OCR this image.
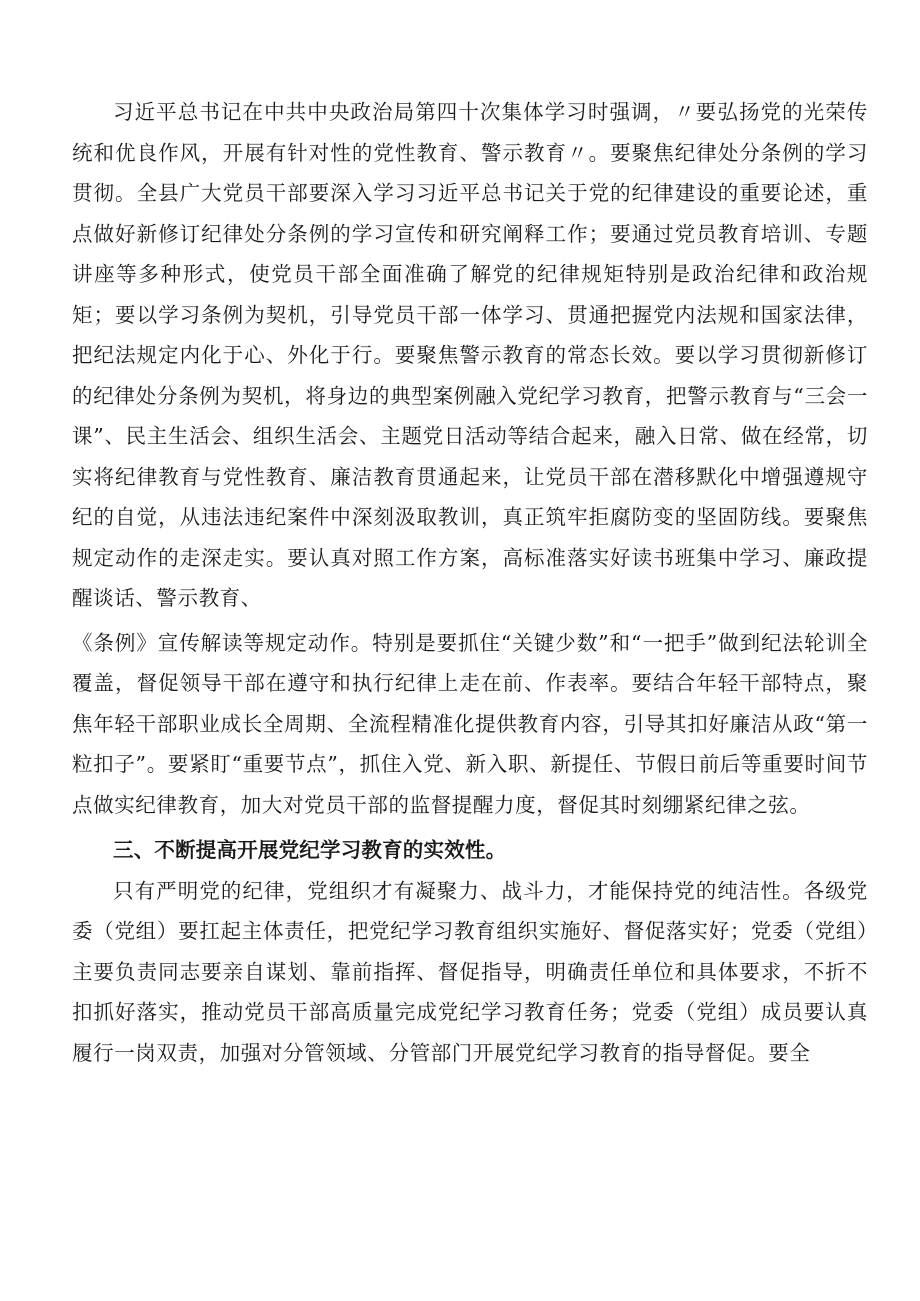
习近平总书记在中共中央政治局第四十次集体学习时强调，〃要弘扬党的光荣传统和优良作风，开展有针对性的党性教育、警示教育〃。要聚焦纪律处分条例的学习贯彻。全县广大党员干部要深入学习习近平总书记关于党的纪律建设的重要论述，重点做好新修订纪律处分条例的学习宣传和研究阐释工作；要通过党员教育培训、专题讲座等多种形式，使党员干部全面准确了解党的纪律规矩特别是政治纪律和政治规矩；要以学习条例为契机，引导党员干部一体学习、贯通把握党内法规和国家法律，把纪法规定内化于心、外化于行。要聚焦警示教育的常态长效。要以学习贯彻新修订的纪律处分条例为契机，将身边的典型案例融入党纪学习教育，把警示教育与“三会一课”、民主生活会、组织生活会、主题党日活动等结合起来，融入日常、做在经常，切实将纪律教育与党性教育、廉洁教育贯通起来，让党员干部在潜移默化中增强遵规守纪的自觉，从违法违纪案件中深刻汲取教训，真正筑牢拒腐防变的坚固防线。要聚焦规定动作的走深走实。要认真对照工作方案，高标准落实好读书班集中学习、廉政提醒谈话、警示教育、

《条例》宣传解读等规定动作。特别是要抓住“关键少数”和“一把手”做到纪法轮训全覆盖，督促领导干部在遵守和执行纪律上走在前、作表率。要结合年轻干部特点，聚焦年轻干部职业成长全周期、全流程精准化提供教育内容，引导其扣好廉洁从政“第一粒扣子”。要紧盯“重要节点”，抓住入党、新入职、新提任、节假日前后等重要时间节点做实纪律教育，加大对党员干部的监督提醒力度，督促其时刻绷紧纪律之弦。

三、不断提高开展党纪学习教育的实效性。

只有严明党的纪律，党组织才有凝聚力、战斗力，才能保持党的纯洁性。各级党委（党组）要扛起主体责任，把党纪学习教育组织实施好、督促落实好；党委（党组）主要负责同志要亲自谋划、靠前指挥、督促指导，明确责任单位和具体要求，不折不扣抓好落实，推动党员干部高质量完成党纪学习教育任务；党委（党组）成员要认真履行一岗双责，加强对分管领域、分管部门开展党纪学习教育的指导督促。要全
